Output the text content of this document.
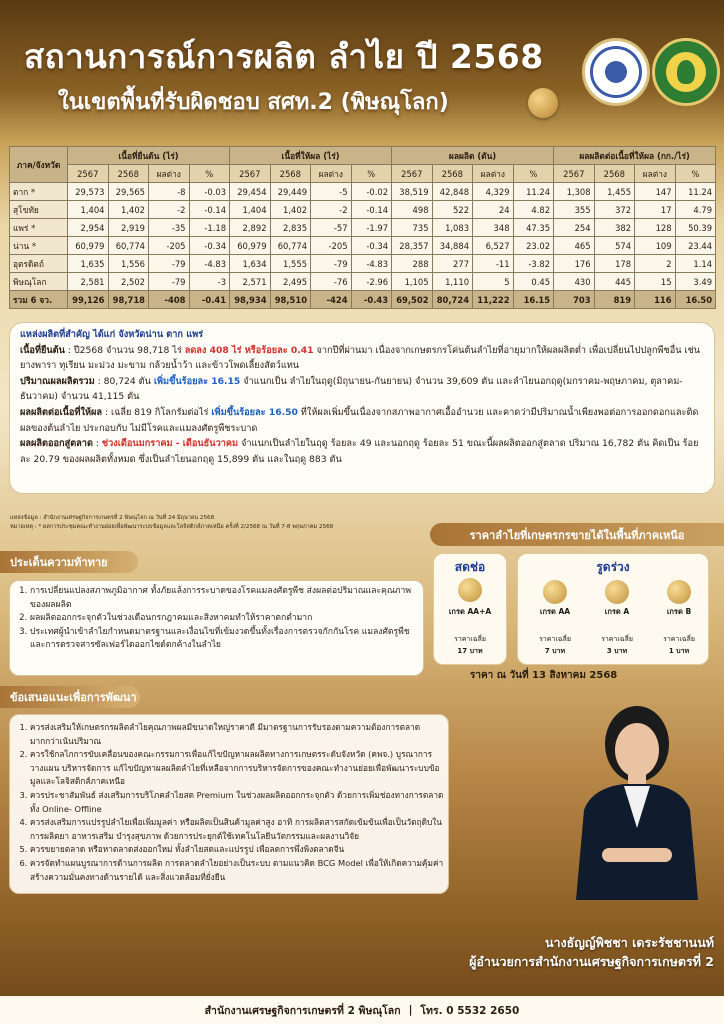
สถานการณ์การผลิต ลำไย ปี 2568
ในเขตพื้นที่รับผิดชอบ สศท.2 (พิษณุโลก)
ภาค/จังหวัด	เนื้อที่ยืนต้น (ไร่)				เนื้อที่ให้ผล (ไร่)				ผลผลิต (ตัน)				ผลผลิตต่อเนื้อที่ให้ผล (กก./ไร่)			
	2567	2568	ผลต่าง	%	2567	2568	ผลต่าง	%	2567	2568	ผลต่าง	%	2567	2568	ผลต่าง	%
ตาก *	29,573	29,565	-8	-0.03	29,454	29,449	-5	-0.02	38,519	42,848	4,329	11.24	1,308	1,455	147	11.24
สุโขทัย	1,404	1,402	-2	-0.14	1,404	1,402	-2	-0.14	498	522	24	4.82	355	372	17	4.79
แพร่ *	2,954	2,919	-35	-1.18	2,892	2,835	-57	-1.97	735	1,083	348	47.35	254	382	128	50.39
น่าน *	60,979	60,774	-205	-0.34	60,979	60,774	-205	-0.34	28,357	34,884	6,527	23.02	465	574	109	23.44
อุตรดิตถ์	1,635	1,556	-79	-4.83	1,634	1,555	-79	-4.83	288	277	-11	-3.82	176	178	2	1.14
พิษณุโลก	2,581	2,502	-79	-3	2,571	2,495	-76	-2.96	1,105	1,110	5	0.45	430	445	15	3.49
รวม 6 จว.	99,126	98,718	-408	-0.41	98,934	98,510	-424	-0.43	69,502	80,724	11,222	16.15	703	819	116	16.50
แหล่งผลิตที่สำคัญ ได้แก่ จังหวัดน่าน ตาก แพร่
เนื้อที่ยืนต้น : ปี2568 จำนวน 98,718 ไร่ ลดลง 408 ไร่ หรือร้อยละ 0.41 จากปีที่ผ่านมา เนื่องจากเกษตรกรโค่นต้นลำไยที่อายุมากให้ผลผลิตต่ำ เพื่อเปลี่ยนไปปลูกพืชอื่น เช่น ยางพารา ทุเรียน มะม่วง มะขาม กล้วยน้ำว้า และข้าวโพดเลี้ยงสัตว์แทน
ปริมาณผลผลิตรวม : 80,724 ตัน เพิ่มขึ้นร้อยละ 16.15 จำแนกเป็น ลำไยในฤดู(มิถุนายน-กันยายน) จำนวน 39,609 ตัน และลำไยนอกฤดู(มกราคม-พฤษภาคม, ตุลาคม-ธันวาคม) จำนวน 41,115 ตัน
ผลผลิตต่อเนื้อที่ให้ผล : เฉลี่ย 819 กิโลกรัมต่อไร่ เพิ่มขึ้นร้อยละ 16.50 ที่ให้ผลเพิ่มขึ้นเนื่องจากสภาพอากาศเอื้ออำนวย และคาดว่ามีปริมาณน้ำเพียงพอต่อการออกดอกและติดผลของต้นลำไย ประกอบกับ ไม่มีโรคและแมลงศัตรูพืชระบาด
ผลผลิตออกสู่ตลาด : ช่วงเดือนมกราคม - เดือนธันวาคม จำแนกเป็นลำไยในฤดู ร้อยละ 49 และนอกฤดู ร้อยละ 51 ขณะนี้ผลผลิตออกสู่ตลาด ปริมาณ 16,782 ตัน คิดเป็น ร้อยละ 20.79 ของผลผลิตทั้งหมด ซึ่งเป็นลำไยนอกฤดู 15,899 ตัน และในฤดู 883 ตัน
แหล่งข้อมูล : สำนักงานเศรษฐกิจการเกษตรที่ 2 พิษณุโลก ณ วันที่ 24 มิถุนายน 2568
หมายเหตุ : * ผลการประชุมคณะทำงานย่อยเพื่อพัฒนาระบบข้อมูลและโลจิสติกส์ภาคเหนือ ครั้งที่ 2/2568 ณ วันที่ 7-8 พฤษภาคม 2568
ราคาลำไยที่เกษตรกรขายได้ในพื้นที่ภาคเหนือ
สดช่อ
เกรด AA+A
ราคาเฉลี่ย
17 บาท
รูดร่วง
เกรด AA
ราคาเฉลี่ย
7 บาท
เกรด A
ราคาเฉลี่ย
3 บาท
เกรด B
ราคาเฉลี่ย
1 บาท
ราคา ณ วันที่ 13 สิงหาคม 2568
ประเด็นความท้าทาย
1. การเปลี่ยนแปลงสภาพภูมิอากาศ ทั้งภัยแล้งการระบาดของโรคแมลงศัตรูพืช ส่งผลต่อปริมาณและคุณภาพของผลผลิต
2. ผลผลิตออกกระจุกตัวในช่วงเดือนกรกฎาคมและสิงหาคมทำให้ราคาตกต่ำมาก
3. ประเทศผู้นำเข้าลำไยกำหนดมาตรฐานและเงื่อนไขที่เข้มงวดขึ้นทั้งเรื่องการตรวจกักกันโรค แมลงศัตรูพืชและการตรวจสารซัลเฟอร์ไดออกไซด์ตกค้างในลำไย
ข้อเสนอแนะเพื่อการพัฒนา
1. ควรส่งเสริมให้เกษตรกรผลิตลำไยคุณภาพผลมีขนาดใหญ่ราคาดี มีมาตรฐานการรับรองตามความต้องการตลาดมากกว่าเน้นปริมาณ
2. ควรใช้กลไกการขับเคลื่อนของคณะกรรมการเพื่อแก้ไขปัญหาผลผลิตทางการเกษตรระดับจังหวัด (คพจ.) บูรณาการวางแผน บริหารจัดการ แก้ไขปัญหาผลผลิตลำไยที่เหลือจากการบริหารจัดการของคณะทำงานย่อยเพื่อพัฒนาระบบข้อมูลและโลจิสติกส์ภาคเหนือ
3. ควรประชาสัมพันธ์ ส่งเสริมการบริโภคลำไยสด Premium ในช่วงผลผลิตออกกระจุกตัว ด้วยการเพิ่มช่องทางการตลาดทั้ง Online- Offline
4. ควรส่งเสริมการแปรรูปลำไยเพื่อเพิ่มมูลค่า หรือผลิตเป็นสินค้ามูลค่าสูง อาทิ การผลิตสารสกัดเข้มข้นเพื่อเป็นวัตถุดิบในการผลิตยา อาหารเสริม บำรุงสุขภาพ ด้วยการประยุกต์ใช้เทคโนโลยีนวัตกรรมและผลงานวิจัย
5. ควรขยายตลาด หรือหาตลาดส่งออกใหม่ ทั้งลำไยสดและแปรรูป เพื่อลดการพึ่งพิงตลาดจีน
6. ควรจัดทำแผนบูรณาการด้านการผลิต การตลาดลำไยอย่างเป็นระบบ ตามแนวคิด BCG Model เพื่อให้เกิดความคุ้มค่า สร้างความมั่นคงทางด้านรายได้ และสิ่งแวดล้อมที่ยั่งยืน
นางธัญญ์พิชชา เดระรัชชานนท์
ผู้อำนวยการสำนักงานเศรษฐกิจการเกษตรที่ 2
สำนักงานเศรษฐกิจการเกษตรที่ 2 พิษณุโลก | โทร. 0 5532 2650
